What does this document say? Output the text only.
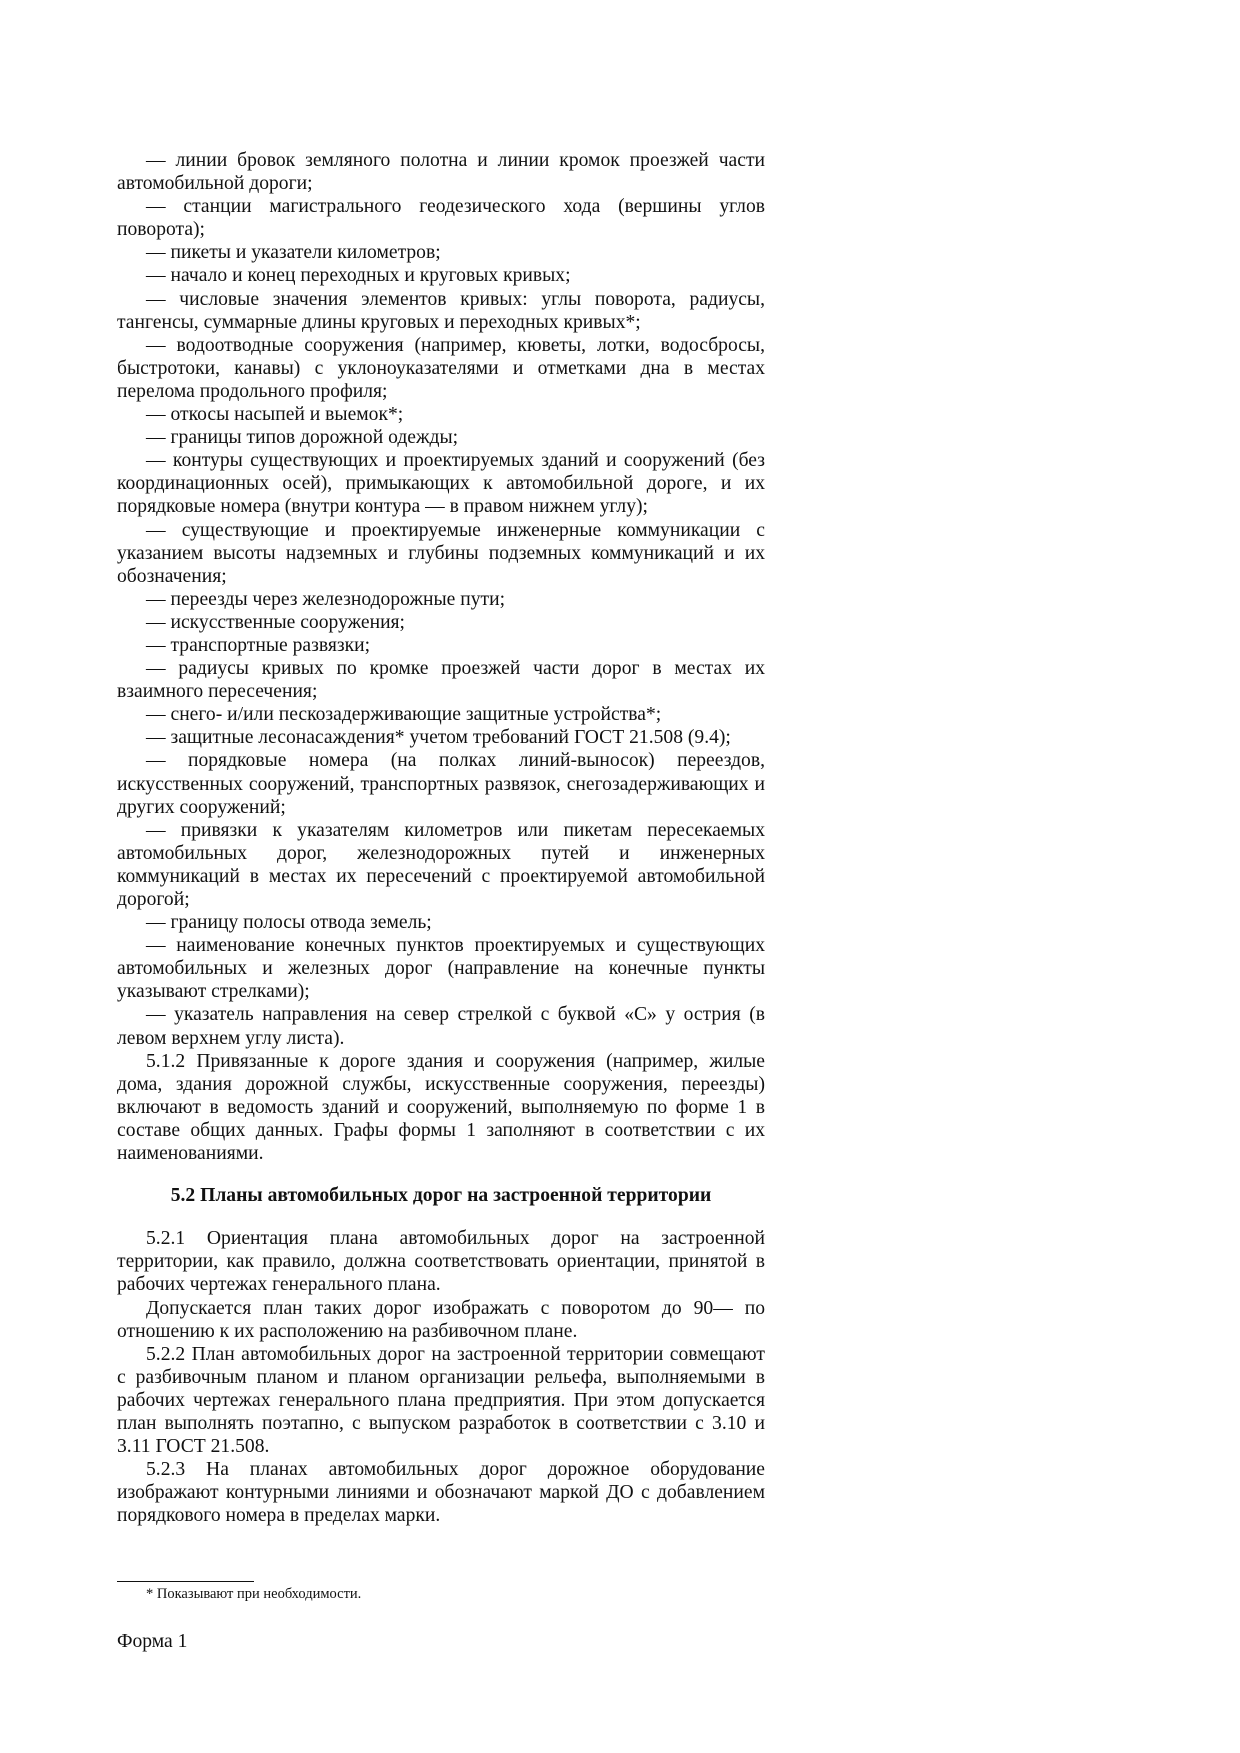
— линии бровок земляного полотна и линии кромок проезжей части автомобильной дороги;

— станции магистрального геодезического хода (вершины углов поворота);

— пикеты и указатели километров;

— начало и конец переходных и круговых кривых;

— числовые значения элементов кривых: углы поворота, радиусы, тангенсы, суммарные длины круговых и переходных кривых*;

— водоотводные сооружения (например, кюветы, лотки, водосбросы, быстротоки, канавы) с уклоноуказателями и отметками дна в местах перелома продольного профиля;

— откосы насыпей и выемок*;

— границы типов дорожной одежды;

— контуры существующих и проектируемых зданий и сооружений (без координационных осей), примыкающих к автомобильной дороге, и их порядковые номера (внутри контура — в правом нижнем углу);

— существующие и проектируемые инженерные коммуникации с указанием высоты надземных и глубины подземных коммуникаций и их обозначения;

— переезды через железнодорожные пути;

— искусственные сооружения;

— транспортные развязки;

— радиусы кривых по кромке проезжей части дорог в местах их взаимного пересечения;

— снего- и/или пескозадерживающие защитные устройства*;

— защитные лесонасаждения* учетом требований ГОСТ 21.508 (9.4);

— порядковые номера (на полках линий-выносок) переездов, искусственных сооружений, транспортных развязок, снегозадерживающих и других сооружений;

— привязки к указателям километров или пикетам пересекаемых автомобильных дорог, железнодорожных путей и инженерных коммуникаций в местах их пересечений с проектируемой автомобильной дорогой;

— границу полосы отвода земель;

— наименование конечных пунктов проектируемых и существующих автомобильных и железных дорог (направление на конечные пункты указывают стрелками);

— указатель направления на север стрелкой с буквой «С» у острия (в левом верхнем углу листа).

5.1.2 Привязанные к дороге здания и сооружения (например, жилые дома, здания дорожной службы, искусственные сооружения, переезды) включают в ведомость зданий и сооружений, выполняемую по форме 1 в составе общих данных. Графы формы 1 заполняют в соответствии с их наименованиями.

5.2 Планы автомобильных дорог на застроенной территории

5.2.1 Ориентация плана автомобильных дорог на застроенной территории, как правило, должна соответствовать ориентации, принятой в рабочих чертежах генерального плана.

Допускается план таких дорог изображать с поворотом до 90— по отношению к их расположению на разбивочном плане.

5.2.2 План автомобильных дорог на застроенной территории совмещают с разбивочным планом и планом организации рельефа, выполняемыми в рабочих чертежах генерального плана предприятия. При этом допускается план выполнять поэтапно, с выпуском разработок в соответствии с 3.10 и 3.11 ГОСТ 21.508.

5.2.3 На планах автомобильных дорог дорожное оборудование изображают контурными линиями и обозначают маркой ДО с добавлением порядкового номера в пределах марки.

* Показывают при необходимости.
Форма 1
